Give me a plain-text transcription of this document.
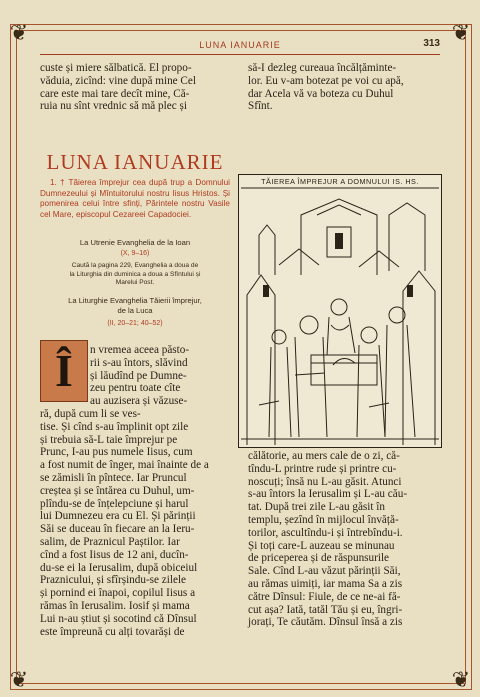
❦	❦
❦	❦
LUNA IANUARIE	313

custe și miere sălbatică. El propo-

văduia, zicînd: vine după mine Cel

care este mai tare decît mine, Că-

ruia nu sînt vrednic să mă plec și

să-I dezleg cureaua încălțăminte-

lor. Eu v-am botezat pe voi cu apă,

dar Acela vă va boteza cu Duhul

Sfînt.

LUNA IANUARIE
1. † Tăierea împrejur cea după trup a Domnului Dumnezeului și Mîntuitorului nostru Iisus Hristos. Și pomenirea celui între sfinți, Părintele nostru Vasile cel Mare, episcopul Cezareei Capadociei.
La Utrenie Evanghelia de la Ioan
(X, 9–16)
Caută la pagina 229, Evanghelia a doua de
la Liturghia din duminica a doua a Sfîntului și
Marelui Post.
La Liturghie Evanghelia Tăierii împrejur,
de la Luca
(II, 20–21; 40–52)
Î	n vremea aceea păsto-

rii s-au întors, slăvind

și lăudînd pe Dumne-

zeu pentru toate cîte

au auzisera și văzuse-

ră, după cum li se ves-

tise. Și cînd s-au împlinit opt zile

și trebuia să-L taie împrejur pe

Prunc, I-au pus numele Iisus, cum

a fost numit de înger, mai înainte de a

se zămisli în pîntece. Iar Pruncul

creștea și se întărea cu Duhul, um-

plîndu-se de înțelepciune și harul

lui Dumnezeu era cu El. Și părinții

Săi se duceau în fiecare an la Ieru-

salim, de Praznicul Paștilor. Iar

cînd a fost Iisus de 12 ani, ducîn-

du-se ei la Ierusalim, după obiceiul

Praznicului, și sfîrșindu-se zilele

și pornind ei înapoi, copilul Iisus a

rămas în Ierusalim. Iosif și mama

Lui n-au știut și socotind că Dînsul

este împreună cu alți tovarăși de

TĂIEREA ÎMPREJUR A DOMNULUI IS. HS.

călătorie, au mers cale de o zi, că-

tîndu-L printre rude și printre cu-

noscuți; însă nu L-au găsit. Atunci

s-au întors la Ierusalim și L-au cău-

tat. După trei zile L-au găsit în

templu, șezînd în mijlocul învăță-

torilor, ascultîndu-i și întrebîndu-i.

Și toți care-L auzeau se minunau

de priceperea și de răspunsurile

Sale. Cînd L-au văzut părinții Săi,

au rămas uimiți, iar mama Sa a zis

către Dînsul: Fiule, de ce ne-ai fă-

cut așa? Iată, tatăl Tău și eu, îngri-

jorați, Te căutăm. Dînsul însă a zis
